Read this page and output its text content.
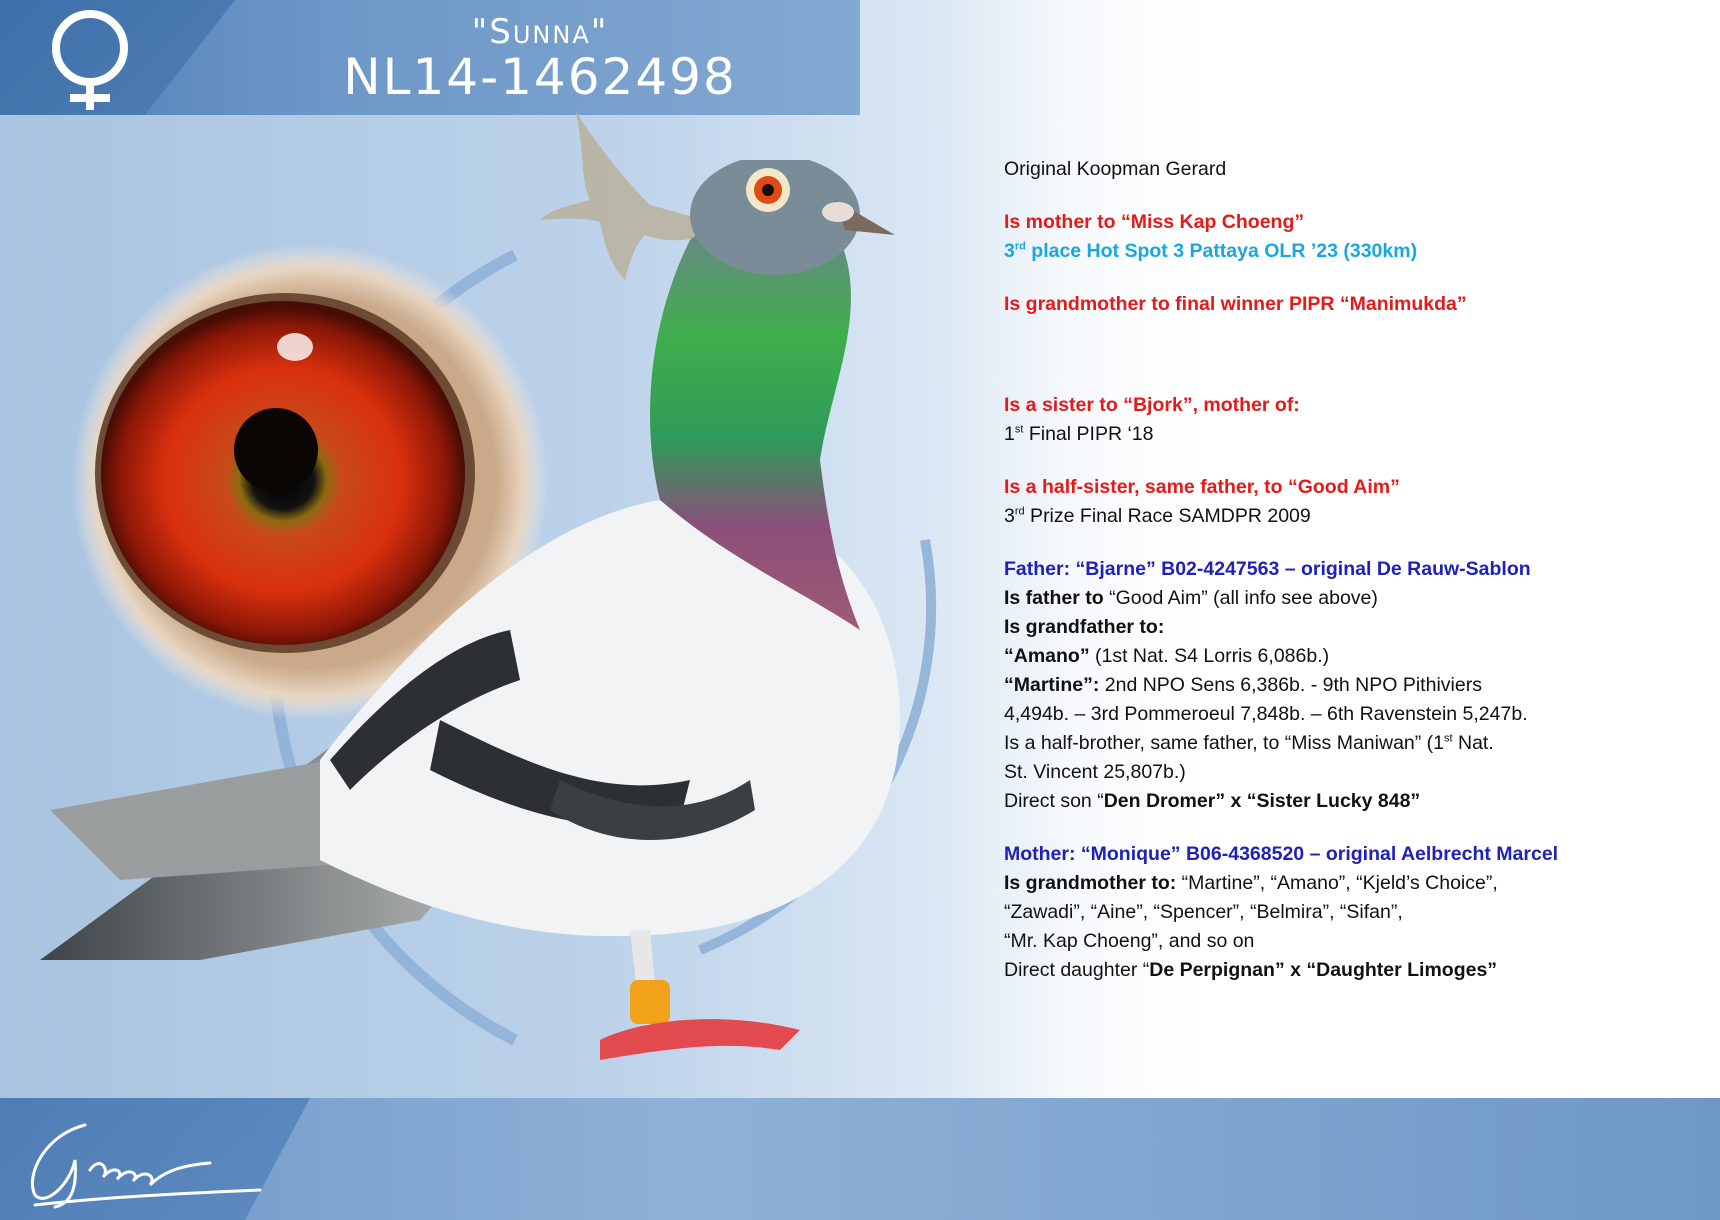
"Sunna"
NL14-1462498

Original Koopman Gerard

Is mother to “Miss Kap Choeng”

3rd place Hot Spot 3 Pattaya OLR ’23 (330km)

Is grandmother to final winner PIPR “Manimukda”

Is a sister to “Bjork”, mother of:

1st Final PIPR ‘18

Is a half-sister, same father, to “Good Aim”

3rd Prize Final Race SAMDPR 2009

Father: “Bjarne” B02-4247563 – original De Rauw-Sablon

Is father to “Good Aim” (all info see above)

Is grandfather to:

“Amano” (1st Nat. S4 Lorris 6,086b.)

“Martine”: 2nd NPO Sens 6,386b. - 9th NPO Pithiviers

4,494b. – 3rd Pommeroeul 7,848b. – 6th Ravenstein 5,247b.

Is a half-brother, same father, to “Miss Maniwan” (1st Nat.

St. Vincent 25,807b.)

Direct son “Den Dromer” x “Sister Lucky 848”

Mother: “Monique” B06-4368520 – original Aelbrecht Marcel

Is grandmother to: “Martine”, “Amano”, “Kjeld’s Choice”,

“Zawadi”, “Aine”, “Spencer”, “Belmira”, “Sifan”,

“Mr. Kap Choeng”, and so on

Direct daughter “De Perpignan” x “Daughter Limoges”
